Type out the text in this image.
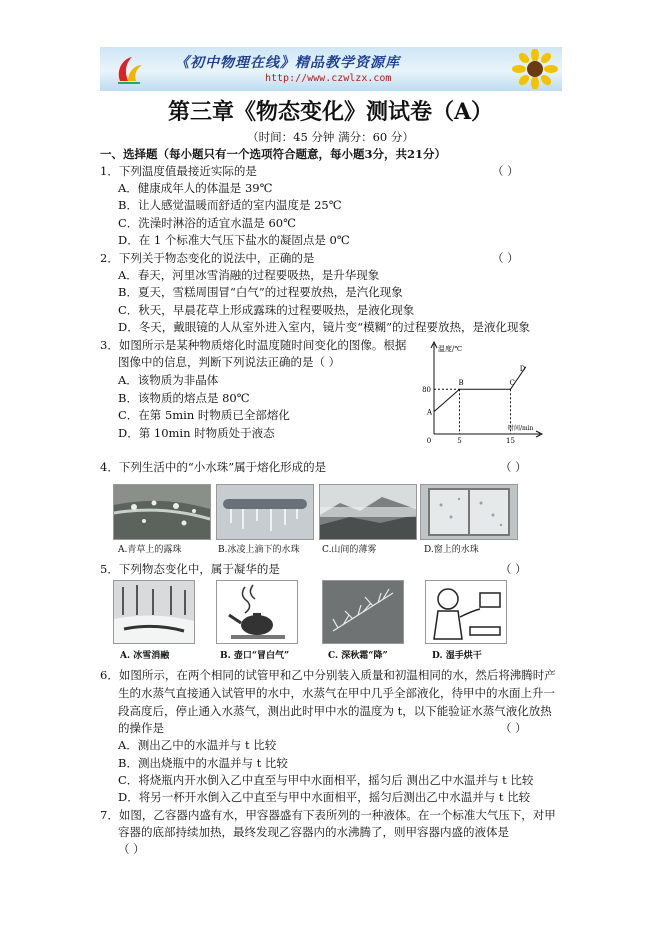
《初中物理在线》精品教学资源库
http://www.czwlzx.com
第三章《物态变化》测试卷（A）
（时间：45 分钟 满分：60 分）
一、选择题（每小题只有一个选项符合题意，每小题3分，共21分）
1．下列温度值最接近实际的是	（ ）
A．健康成年人的体温是 39℃
B．让人感觉温暖而舒适的室内温度是 25℃
C．洗澡时淋浴的适宜水温是 60℃
D．在 1 个标准大气压下盐水的凝固点是 0℃
2．下列关于物态变化的说法中，正确的是	（ ）
A．春天，河里冰雪消融的过程要吸热，是升华现象
B．夏天，雪糕周围冒“白气”的过程要放热，是汽化现象
C．秋天，早晨花草上形成露珠的过程要吸热，是液化现象
D．冬天，戴眼镜的人从室外进入室内，镜片变“模糊”的过程要放热，是液化现象
3．如图所示是某种物质熔化时温度随时间变化的图像。根据
图像中的信息，判断下列说法正确的是（ ）
A．该物质为非晶体
B．该物质的熔点是 80℃
C．在第 5min 时物质已全部熔化
D．第 10min 时物质处于液态
温度/℃
时间/min
0
80
5	15
A
B	C
D
4．下列生活中的“小水珠”属于熔化形成的是	（ ）
A.青草上的露珠	B.冰凌上滴下的水珠	C.山间的薄雾	D.窗上的水珠
5．下列物态变化中，属于凝华的是	（ ）
A. 冰雪消融	B. 壶口“冒白气”	C. 深秋霜“降”	D. 湿手烘干
6．如图所示，在两个相同的试管甲和乙中分别装入质量和初温相同的水，然后将沸腾时产
生的水蒸气直接通入试管甲的水中，水蒸气在甲中几乎全部液化，待甲中的水面上升一
段高度后，停止通入水蒸气，测出此时甲中水的温度为 t，以下能验证水蒸气液化放热
的操作是	（ ）
A．测出乙中的水温并与 t 比较
B．测出烧瓶中的水温并与 t 比较
C．将烧瓶内开水倒入乙中直至与甲中水面相平，摇匀后 测出乙中水温并与 t 比较
D．将另一杯开水倒入乙中直至与甲中水面相平，摇匀后测出乙中水温并与 t 比较
7．如图，乙容器内盛有水，甲容器盛有下表所列的一种液体。在一个标准大气压下，对甲
容器的底部持续加热，最终发现乙容器内的水沸腾了，则甲容器内盛的液体是
（ ）
